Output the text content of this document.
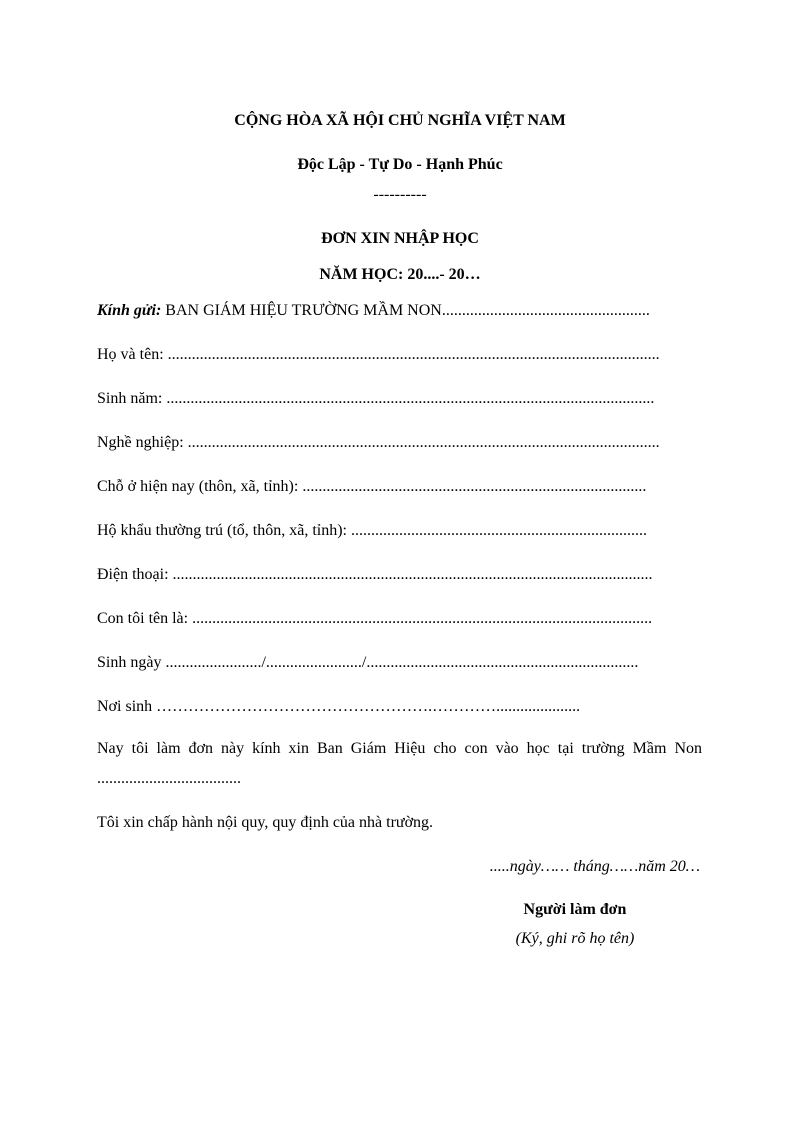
CỘNG HÒA XÃ HỘI CHỦ NGHĨA VIỆT NAM
Độc Lập - Tự Do - Hạnh Phúc
----------
ĐƠN XIN NHẬP HỌC
NĂM HỌC: 20....- 20…
Kính gửi: BAN GIÁM HIỆU TRƯỜNG MẦM NON....................................................
Họ và tên: ...........................................................................................................................
Sinh năm: ..........................................................................................................................
Nghề nghiệp: ......................................................................................................................
Chỗ ở hiện nay (thôn, xã, tỉnh): ......................................................................................
Hộ khẩu thường trú (tổ, thôn, xã, tỉnh): ..........................................................................
Điện thoại: ........................................................................................................................
Con tôi tên là: ...................................................................................................................
Sinh ngày ......................../......................../....................................................................
Nơi sinh …………………………………………….………….....................
Nay tôi làm đơn này kính xin Ban Giám Hiệu cho con vào học tại trường Mầm Non
....................................
Tôi xin chấp hành nội quy, quy định của nhà trường.
.....ngày…… tháng……năm 20…
Người làm đơn
(Ký, ghi rõ họ tên)
